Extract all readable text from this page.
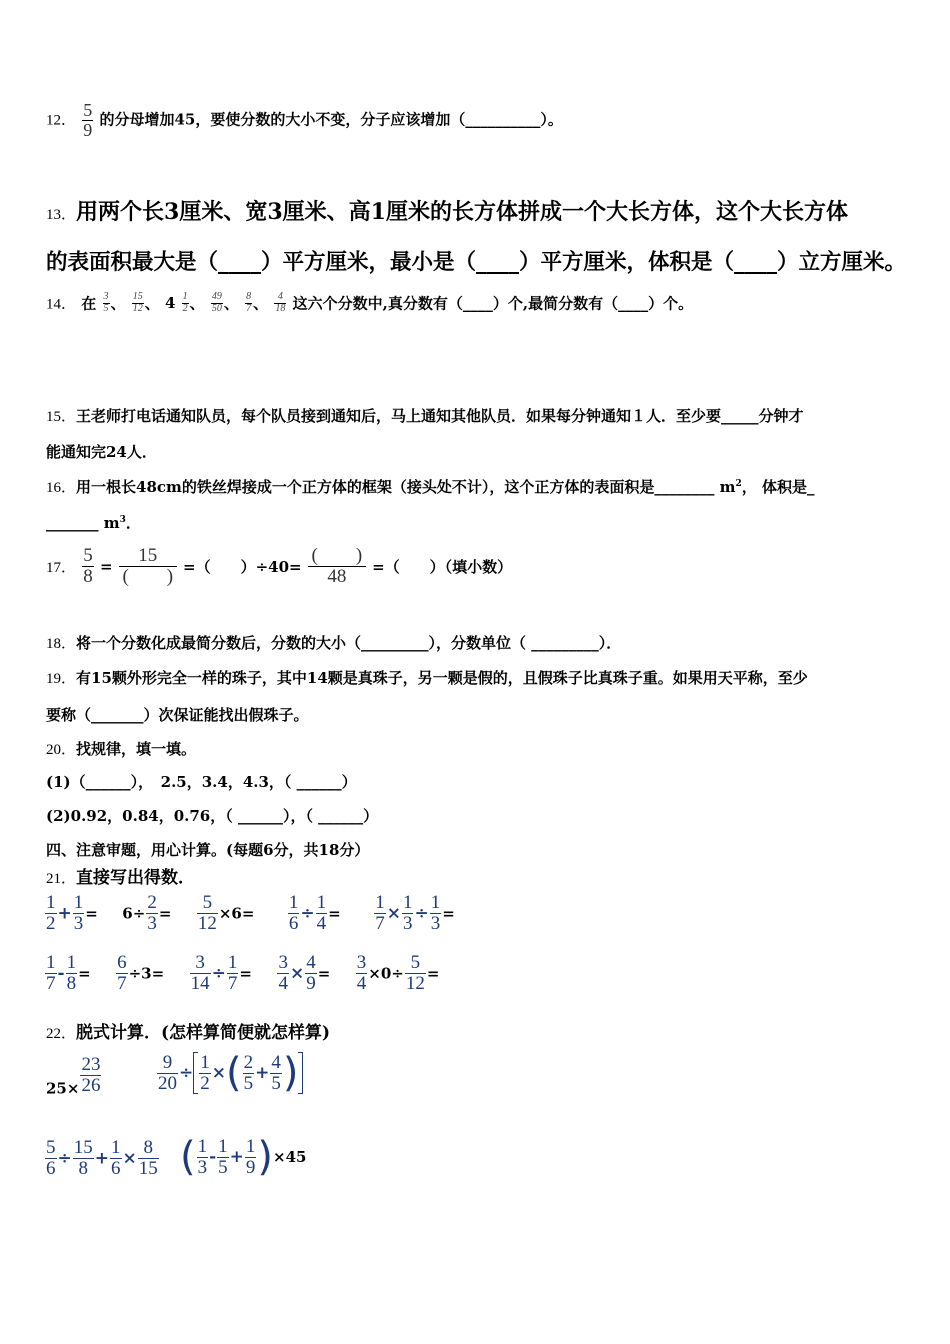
12． $\frac{5}{9}$ 的分母增加45，要使分数的大小不变，分子应该增加（__________）。
13．用两个长3厘米、宽3厘米、高1厘米的长方体拼成一个大长方体，这个大长方体
的表面积最大是（____）平方厘米，最小是（____）平方厘米，体积是（____）立方厘米。
14． 在 $\frac{3}{5}$ 、 $\frac{15}{12}$ 、 $4 \frac{1}{2}$ 、 $\frac{49}{50}$ 、 $\frac{8}{7}$ 、 $\frac{4}{18}$ 这六个分数中,真分数有（____）个,最简分数有（____）个。
15．王老师打电话通知队员，每个队员接到通知后，马上通知其他队员．如果每分钟通知１人．至少要_____分钟才
能通知完24人．
16．用一根长48cm的铁丝焊接成一个正方体的框架（接头处不计），这个正方体的表面积是________ $m^2$， 体积是_
_______ $m^3$．
17． $\frac{5}{8}$ =
15
(　　) =（　　）÷40=
(　　)
48	=（　　）（填小数）
18．将一个分数化成最简分数后，分数的大小（_________），分数单位（ _________）．
19．有15颗外形完全一样的珠子，其中14颗是真珠子，另一颗是假的，且假珠子比真珠子重。如果用天平称，至少
要称（_______）次保证能找出假珠子。
20．找规律，填一填。
(1)（______），　2.5，3.4，4.3，（ ______）
(2)0.92，0.84，0.76，（ ______），（ ______）
四、注意审题，用心计算。(每题6分，共18分）
21．直接写出得数．
$\frac{1}{2} + \frac{1}{3} = 6\div \frac{2}{3} = \frac{5}{12} \times 6= \frac{1}{6} \div \frac{1}{4} = \frac{1}{7} \times \frac{1}{3} \div \frac{1}{3}$ =
$\frac{1}{7} - \frac{1}{8} = \frac{6}{7} \div 3= \frac{3}{14} \div \frac{1}{7} = \frac{3}{4} \times \frac{4}{9} = \frac{3}{4} \times 0\div \frac{5}{12}$ =
22．脱式计算．(怎样算简便就怎样算)
$25\times \frac{23}{26}$	$\frac{9}{20} \div \frac{1}{2}$ ×( $\frac{2}{5} + \frac{4}{5}$ )
$\frac{5}{6} \div \frac{15}{8} + \frac{1}{6} \times \frac{8}{15}$ ( $\frac{1}{3} - \frac{1}{5} + \frac{1}{9} )\times 45$
